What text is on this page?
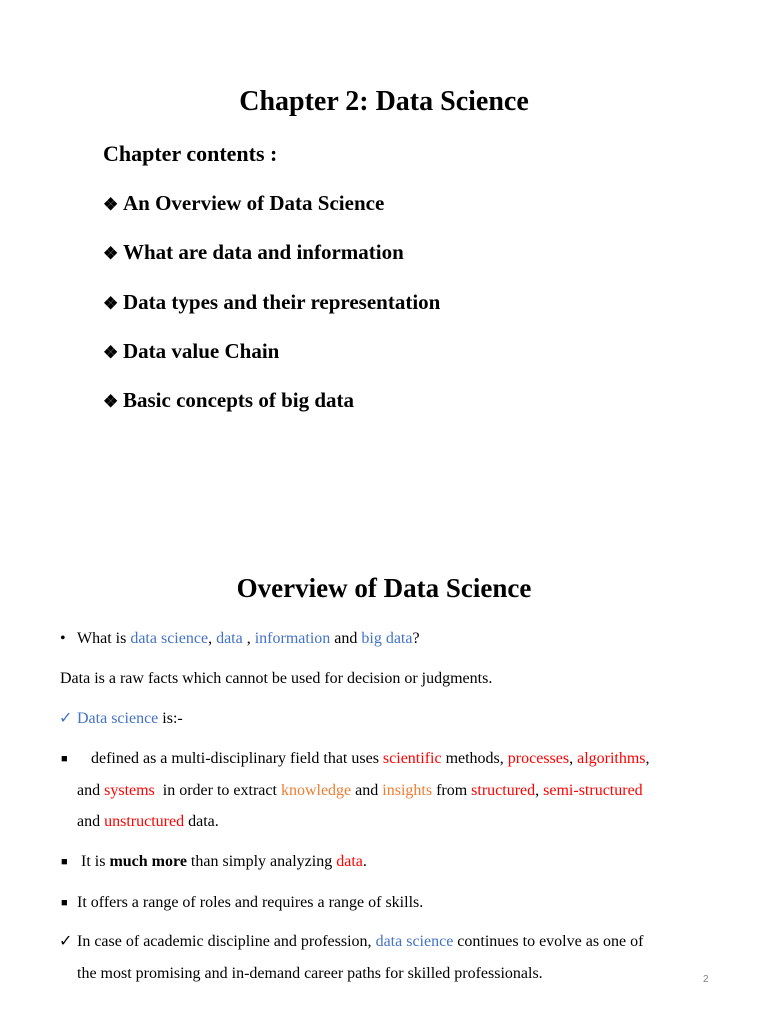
Chapter 2: Data Science
Chapter contents :
❖ An Overview of Data Science
❖ What are data and information
❖ Data types and their representation
❖ Data value Chain
❖ Basic concepts of big data
Overview of Data Science
• What is data science, data , information and big data?
Data is a raw facts which cannot be used for decision or judgments.
✓ Data science is:-
■ defined as a multi-disciplinary field that uses scientific methods, processes, algorithms,
and systems  in order to extract knowledge and insights from structured, semi-structured
and unstructured data.
■ It is much more than simply analyzing data.
■ It offers a range of roles and requires a range of skills.
✓ In case of academic discipline and profession, data science continues to evolve as one of
the most promising and in-demand career paths for skilled professionals.	2
